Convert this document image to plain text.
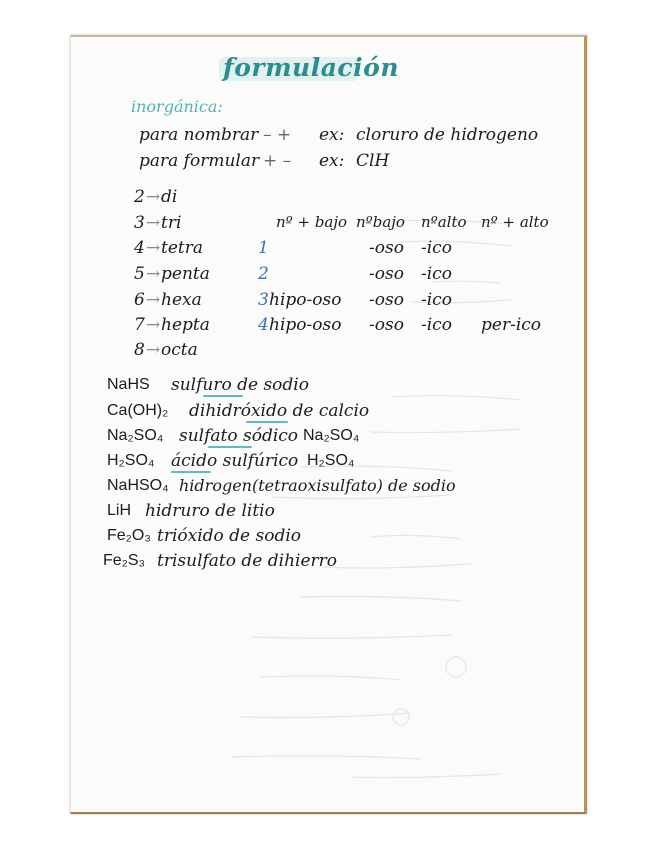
formulación
inorgánica:
para nombrar – + ex: cloruro de hidrogeno
para formular + – ex: ClH
2 → di
3 → tri
4 → tetra
5 → penta
6 → hexa
7 → hepta
8 → octa
nº + bajo nºbajo nºalto nº + alto
1	-oso -ico
2	-oso -ico
3 hipo-oso -oso -ico
4 hipo-oso -oso -ico per-ico
NaHS sulfuro de sodio
Ca(OH)₂ dihidróxido de calcio
Na₂SO₄ sulfato sódico Na₂SO₄
H₂SO₄ ácido sulfúrico H₂SO₄
NaHSO₄ hidrogen(tetraoxisulfato) de sodio
LiH hidruro de litio
Fe₂O₃ trióxido de sodio
Fe₂S₃ trisulfato de dihierro
